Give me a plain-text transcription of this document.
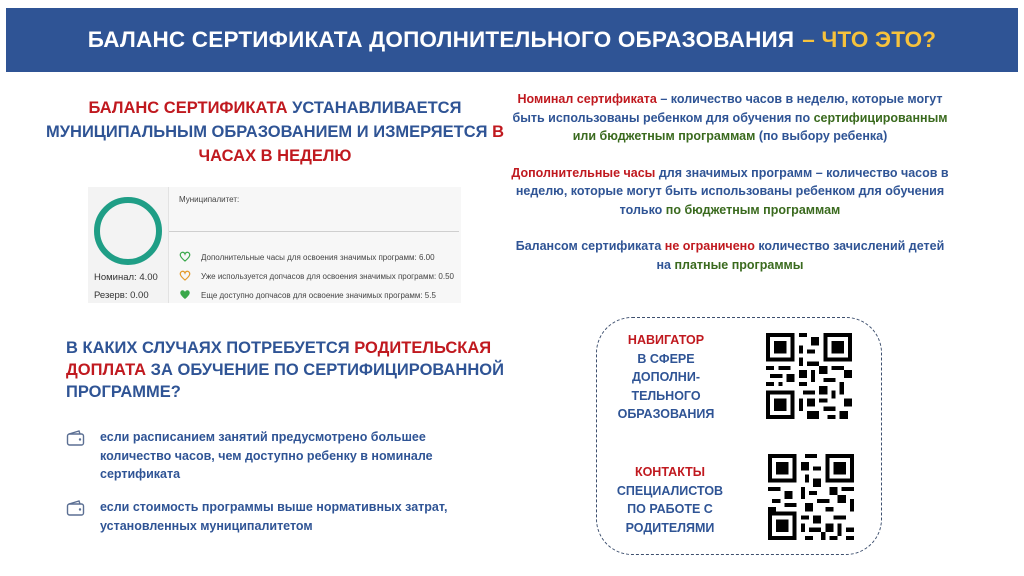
БАЛАНС СЕРТИФИКАТА ДОПОЛНИТЕЛЬНОГО ОБРАЗОВАНИЯ – ЧТО ЭТО?
БАЛАНС СЕРТИФИКАТА УСТАНАВЛИВАЕТСЯ МУНИЦИПАЛЬНЫМ ОБРАЗОВАНИЕМ И ИЗМЕРЯЕТСЯ В ЧАСАХ В НЕДЕЛЮ
Номинал: 4.00
Резерв: 0.00
Муниципалитет:
Дополнительные часы для освоения значимых программ: 6.00
Уже используется допчасов для освоения значимых программ: 0.50
Еще доступно допчасов для освоение значимых программ: 5.5

Номинал сертификата – количество часов в неделю, которые могут быть использованы ребенком для обучения по сертифицированным или бюджетным программам (по выбору ребенка)

Дополнительные часы для значимых программ – количество часов в неделю, которые могут быть использованы ребенком для обучения только по бюджетным программам

Балансом сертификата не ограничено количество зачислений детей на платные программы

В КАКИХ СЛУЧАЯХ ПОТРЕБУЕТСЯ РОДИТЕЛЬСКАЯ ДОПЛАТА ЗА ОБУЧЕНИЕ ПО СЕРТИФИЦИРОВАННОЙ ПРОГРАММЕ?
если расписанием занятий предусмотрено большее количество часов, чем доступно ребенку в номинале сертификата
если стоимость программы выше нормативных затрат, установленных муниципалитетом
НАВИГАТОР
В СФЕРЕ ДОПОЛНИ-ТЕЛЬНОГО ОБРАЗОВАНИЯ
КОНТАКТЫ
СПЕЦИАЛИСТОВ ПО РАБОТЕ С РОДИТЕЛЯМИ
